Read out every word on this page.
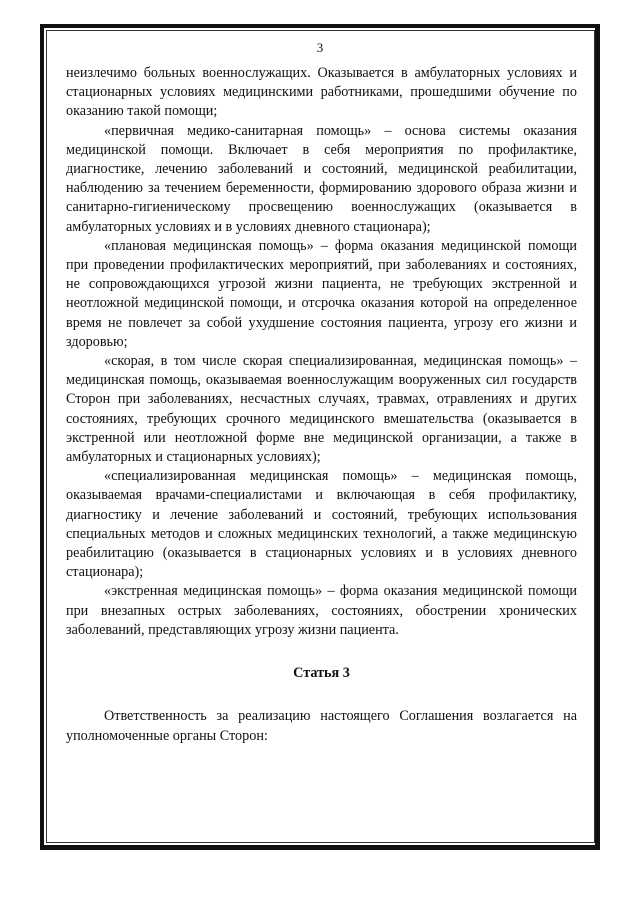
3

неизлечимо больных военнослужащих. Оказывается в амбулаторных условиях и стационарных условиях медицинскими работниками, прошедшими обучение по оказанию такой помощи;

«первичная медико-санитарная помощь» – основа системы оказания медицинской помощи. Включает в себя мероприятия по профилактике, диагностике, лечению заболеваний и состояний, медицинской реабилитации, наблюдению за течением беременности, формированию здорового образа жизни и санитарно-гигиеническому просвещению военнослужащих (оказывается в амбулаторных условиях и в условиях дневного стационара);

«плановая медицинская помощь» – форма оказания медицинской помощи при проведении профилактических мероприятий, при заболеваниях и состояниях, не сопровождающихся угрозой жизни пациента, не требующих экстренной и неотложной медицинской помощи, и отсрочка оказания которой на определенное время не повлечет за собой ухудшение состояния пациента, угрозу его жизни и здоровью;

«скорая, в том числе скорая специализированная, медицинская помощь» – медицинская помощь, оказываемая военнослужащим вооруженных сил государств Сторон при заболеваниях, несчастных случаях, травмах, отравлениях и других состояниях, требующих срочного медицинского вмешательства (оказывается в экстренной или неотложной форме вне медицинской организации, а также в амбулаторных и стационарных условиях);

«специализированная медицинская помощь» – медицинская помощь, оказываемая врачами-специалистами и включающая в себя профилактику, диагностику и лечение заболеваний и состояний, требующих использования специальных методов и сложных медицинских технологий, а также медицинскую реабилитацию (оказывается в стационарных условиях и в условиях дневного стационара);

«экстренная медицинская помощь» – форма оказания медицинской помощи при внезапных острых заболеваниях, состояниях, обострении хронических заболеваний, представляющих угрозу жизни пациента.

Статья 3

Ответственность за реализацию настоящего Соглашения возлагается на уполномоченные органы Сторон:
